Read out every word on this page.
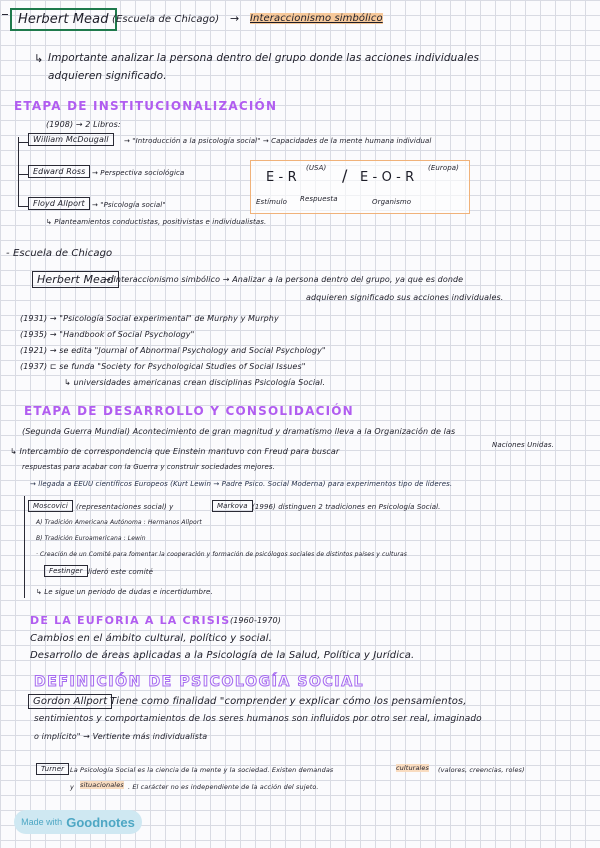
Herbert Mead (Escuela de Chicago) → Interaccionismo simbólico
↳ Importante analizar la persona dentro del grupo donde las acciones individuales
adquieren significado.
ETAPA DE INSTITUCIONALIZACIÓN
(1908) → 2 Libros:
William McDougall	→ "Introducción a la psicología social" → Capacidades de la mente humana individual
Edward Ross → Perspectiva sociológica
Floyd Allport	→ "Psicología social"
↳ Planteamientos conductistas, positivistas e individualistas.
E - R
(USA) / E - O - R
(Europa)
Estímulo Respuesta	Organismo
- Escuela de Chicago
Herbert Mead
→ Interaccionismo simbólico → Analizar a la persona dentro del grupo, ya que es donde
adquieren significado sus acciones individuales.
(1931) → "Psicología Social experimental" de Murphy y Murphy
(1935) → "Handbook of Social Psychology"
(1921) → se edita "Journal of Abnormal Psychology and Social Psychology"
(1937) ⊏ se funda "Society for Psychological Studies of Social Issues"
↳ universidades americanas crean disciplinas Psicología Social.
ETAPA DE DESARROLLO Y CONSOLIDACIÓN
(Segunda Guerra Mundial) Acontecimiento de gran magnitud y dramatismo lleva a la Organización de las
Naciones Unidas.
↳ Intercambio de correspondencia que Einstein mantuvo con Freud para buscar
respuestas para acabar con la Guerra y construir sociedades mejores.
→ llegada a EEUU científicos Europeos (Kurt Lewin → Padre Psico. Social Moderna) para experimentos tipo de líderes.
Moscovici	(representaciones social) y	Markova (1996) distinguen 2 tradiciones en Psicología Social.
A) Tradición Americana Autónoma : Hermanos Allport
B) Tradición Euroamericana : Lewin
· Creación de un Comité para fomentar la cooperación y formación de psicólogos sociales de distintos países y culturas
Festinger lideró este comité
↳ Le sigue un periodo de dudas e incertidumbre.
DE LA EUFORIA A LA CRISIS (1960-1970)
Cambios en el ámbito cultural, político y social.
Desarrollo de áreas aplicadas a la Psicología de la Salud, Política y Jurídica.
DEFINICIÓN DE PSICOLOGÍA SOCIAL
Gordon Allport Tiene como finalidad "comprender y explicar cómo los pensamientos,
sentimientos y comportamientos de los seres humanos son influidos por otro ser real, imaginado
o implícito" → Vertiente más individualista
Turner La Psicología Social es la ciencia de la mente y la sociedad. Existen demandas	culturales (valores, creencias, roles)
y situacionales . El carácter no es independiente de la acción del sujeto.
Made with Goodnotes
